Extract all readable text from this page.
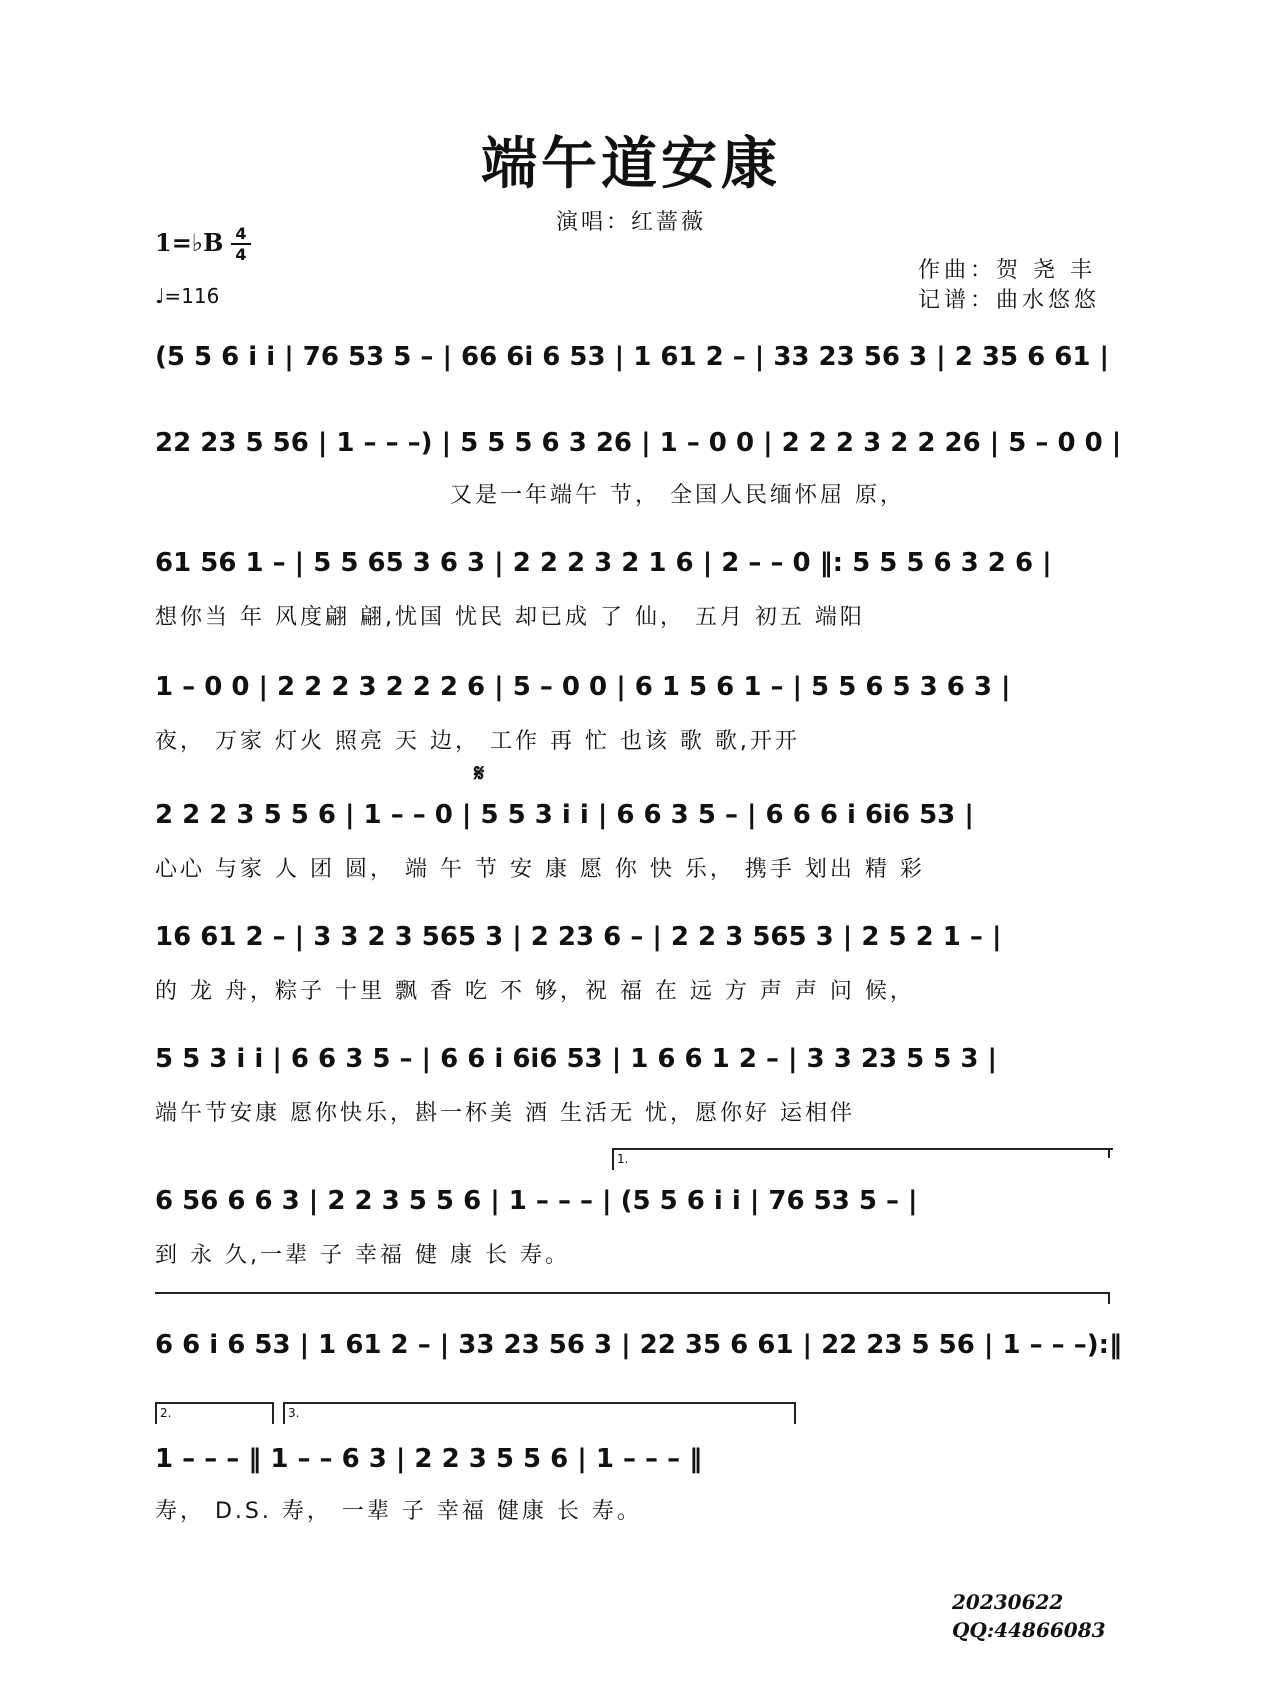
端午道安康
演唱：红蔷薇
1=♭B 4
4
♩=116
作曲：贺 尧 丰
记谱：曲水悠悠
(5 5 6 i i | 76 53 5 – | 66 6i 6 53 | 1 61 2 – | 33 23 56 3 | 2 35 6 61 |
22 23 5 56 | 1 – – –) | 5 5 5 6 3 26 | 1 – 0 0 | 2 2 2 3 2 2 26 | 5 – 0 0 |
又是一年端午 节， 全国人民缅怀屈 原，
61 56 1 – | 5 5 65 3 6 3 | 2 2 2 3 2 1 6 | 2 – – 0 ‖: 5 5 5 6 3 2 6 |
想你当 年 风度翩 翩,忧国 忧民 却已成 了 仙， 五月 初五 端阳
1 – 0 0 | 2 2 2 3 2 2 2 6 | 5 – 0 0 | 6 1 5 6 1 – | 5 5 6 5 3 6 3 |
夜， 万家 灯火 照亮 天 边， 工作 再 忙 也该 歌 歌,开开
𝄋
2 2 2 3 5 5 6 | 1 – – 0 | 5 5 3 i i | 6 6 3 5 – | 6 6 6 i 6i6 53 |
心心 与家 人 团 圆， 端 午 节 安 康 愿 你 快 乐， 携手 划出 精 彩
16 61 2 – | 3 3 2 3 565 3 | 2 23 6 – | 2 2 3 565 3 | 2 5 2 1 – |
的 龙 舟，粽子 十里 飘 香 吃 不 够，祝 福 在 远 方 声 声 问 候，
5 5 3 i i | 6 6 3 5 – | 6 6 i 6i6 53 | 1 6 6 1 2 – | 3 3 23 5 5 3 |
端午节安康 愿你快乐，斟一杯美 酒 生活无 忧，愿你好 运相伴
1.
6 56 6 6 3 | 2 2 3 5 5 6 | 1 – – – | (5 5 6 i i | 76 53 5 – |
到 永 久,一辈 子 幸福 健 康 长 寿。
6 6 i 6 53 | 1 61 2 – | 33 23 56 3 | 22 35 6 61 | 22 23 5 56 | 1 – – –):‖
2.	3.
1 – – – ‖ 1 – – 6 3 | 2 2 3 5 5 6 | 1 – – – ‖
寿， D.S. 寿， 一辈 子 幸福 健康 长 寿。
20230622
QQ:44866083
